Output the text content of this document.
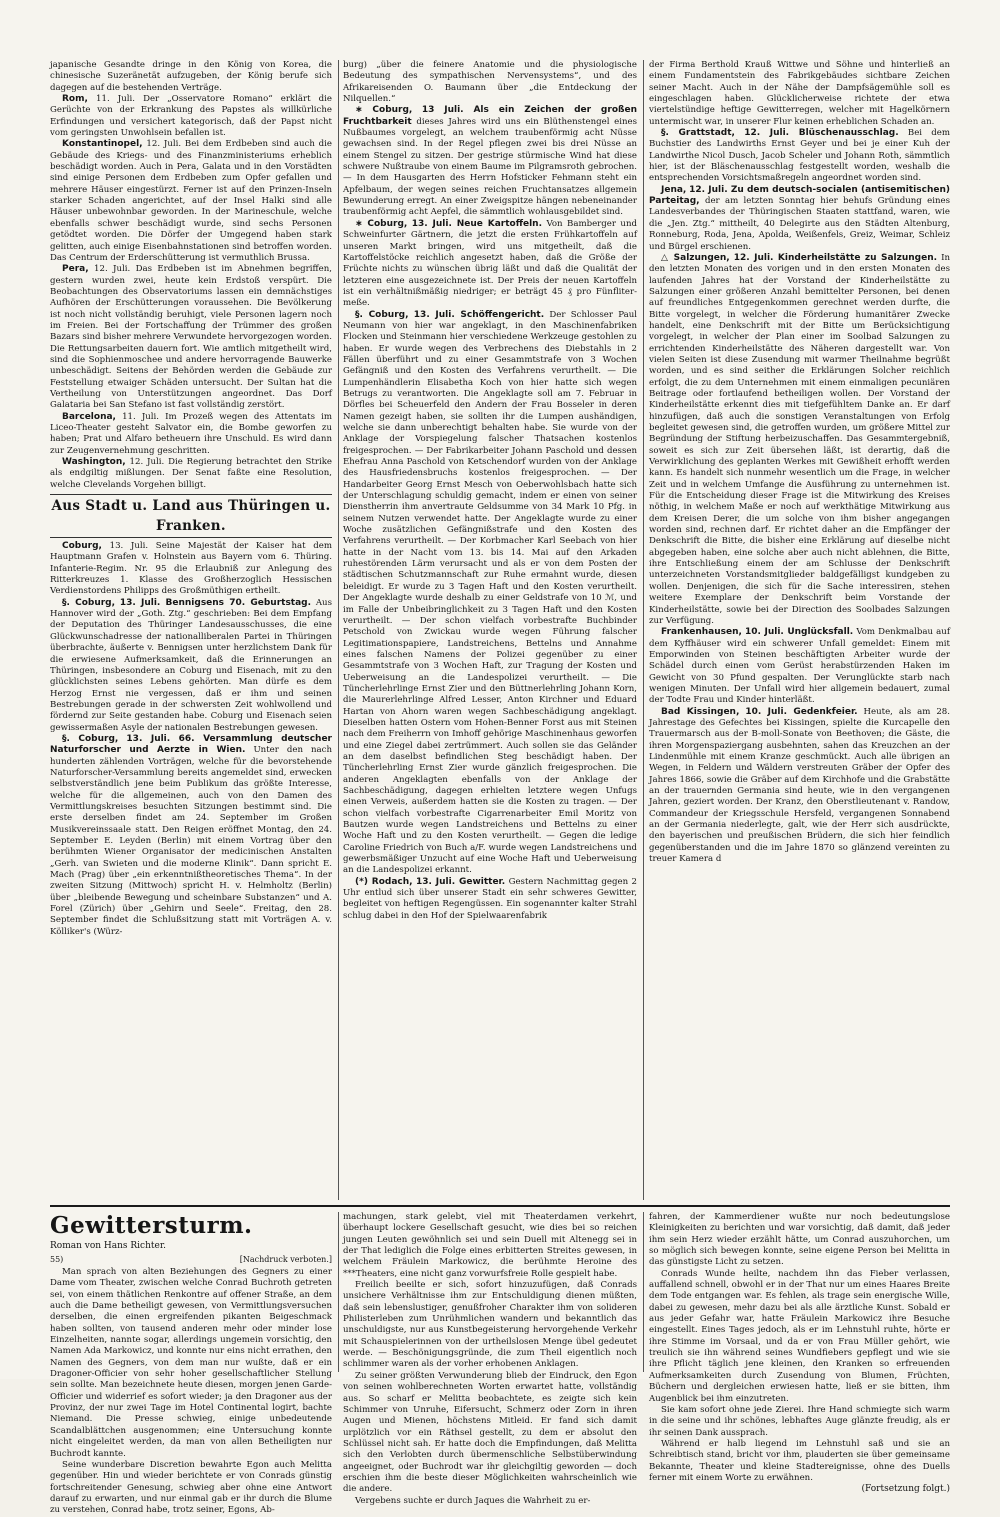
japanische Gesandte dringe in den König von Korea, die chinesische Suzeränetät aufzugeben, der König berufe sich dagegen auf die bestehenden Verträge.

Rom, 11. Juli. Der „Osservatore Romano“ erklärt die Gerüchte von der Erkrankung des Papstes als willkürliche Erfindungen und versichert kategorisch, daß der Papst nicht vom geringsten Unwohlsein befallen ist.

Konstantinopel, 12. Juli. Bei dem Erdbeben sind auch die Gebäude des Kriegs- und des Finanzministeriums erheblich beschädigt worden. Auch in Pera, Galata und in den Vorstädten sind einige Personen dem Erdbeben zum Opfer gefallen und mehrere Häuser eingestürzt. Ferner ist auf den Prinzen-Inseln starker Schaden angerichtet, auf der Insel Halki sind alle Häuser unbewohnbar geworden. In der Marineschule, welche ebenfalls schwer beschädigt wurde, sind sechs Personen getödtet worden. Die Dörfer der Umgegend haben stark gelitten, auch einige Eisenbahnstationen sind betroffen worden. Das Centrum der Erderschütterung ist vermuthlich Brussa.

Pera, 12. Juli. Das Erdbeben ist im Abnehmen begriffen, gestern wurden zwei, heute kein Erdstoß verspürt. Die Beobachtungen des Observatoriums lassen ein demnächstiges Aufhören der Erschütterungen voraussehen. Die Bevölkerung ist noch nicht vollständig beruhigt, viele Personen lagern noch im Freien. Bei der Fortschaffung der Trümmer des großen Bazars sind bisher mehrere Verwundete hervorgezogen worden. Die Rettungsarbeiten dauern fort. Wie amtlich mitgetheilt wird, sind die Sophienmoschee und andere hervorragende Bauwerke unbeschädigt. Seitens der Behörden werden die Gebäude zur Feststellung etwaiger Schäden untersucht. Der Sultan hat die Vertheilung von Unterstützungen angeordnet. Das Dorf Galataria bei San Stefano ist fast vollständig zerstört.

Barcelona, 11. Juli. Im Prozeß wegen des Attentats im Liceo-Theater gesteht Salvator ein, die Bombe geworfen zu haben; Prat und Alfaro betheuern ihre Unschuld. Es wird dann zur Zeugenvernehmung geschritten.

Washington, 12. Juli. Die Regierung betrachtet den Strike als endgiltig mißlungen. Der Senat faßte eine Resolution, welche Clevelands Vorgehen billigt.

Aus Stadt u. Land aus Thüringen u. Franken.

Coburg, 13. Juli. Seine Majestät der Kaiser hat dem Hauptmann Grafen v. Holnstein aus Bayern vom 6. Thüring. Infanterie-Regim. Nr. 95 die Erlaubniß zur Anlegung des Ritterkreuzes 1. Klasse des Großherzoglich Hessischen Verdienstordens Philipps des Großmüthigen ertheilt.

§. Coburg, 13. Juli. Bennigsens 70. Geburtstag. Aus Hannover wird der „Goth. Ztg.“ geschrieben: Bei dem Empfang der Deputation des Thüringer Landesausschusses, die eine Glückwunschadresse der nationalliberalen Partei in Thüringen überbrachte, äußerte v. Bennigsen unter herzlichstem Dank für die erwiesene Aufmerksamkeit, daß die Erinnerungen an Thüringen, insbesondere an Coburg und Eisenach, mit zu den glücklichsten seines Lebens gehörten. Man dürfe es dem Herzog Ernst nie vergessen, daß er ihm und seinen Bestrebungen gerade in der schwersten Zeit wohlwollend und fördernd zur Seite gestanden habe. Coburg und Eisenach seien gewissermaßen Asyle der nationalen Bestrebungen gewesen.

§. Coburg, 13. Juli. 66. Versammlung deutscher Naturforscher und Aerzte in Wien. Unter den nach hunderten zählenden Vorträgen, welche für die bevorstehende Naturforscher-Versammlung bereits angemeldet sind, erwecken selbstverständlich jene beim Publikum das größte Interesse, welche für die allgemeinen, auch von den Damen des Vermittlungskreises besuchten Sitzungen bestimmt sind. Die erste derselben findet am 24. September im Großen Musikvereinssaale statt. Den Reigen eröffnet Montag, den 24. September E. Leyden (Berlin) mit einem Vortrag über den berühmten Wiener Organisator der medicinischen Anstalten „Gerh. van Swieten und die moderne Klinik“. Dann spricht E. Mach (Prag) über „ein erkenntnißtheoretisches Thema“. In der zweiten Sitzung (Mittwoch) spricht H. v. Helmholtz (Berlin) über „bleibende Bewegung und scheinbare Substanzen“ und A. Forel (Zürich) über „Gehirn und Seele“. Freitag, den 28. September findet die Schlußsitzung statt mit Vorträgen A. v. Kölliker's (Würz-

burg) „über die feinere Anatomie und die physiologische Bedeutung des sympathischen Nervensystems“, und des Afrikareisenden O. Baumann über „die Entdeckung der Nilquellen.“

∗ Coburg, 13 Juli. Als ein Zeichen der großen Fruchtbarkeit dieses Jahres wird uns ein Blüthenstengel eines Nußbaumes vorgelegt, an welchem traubenförmig acht Nüsse gewachsen sind. In der Regel pflegen zwei bis drei Nüsse an einem Stengel zu sitzen. Der gestrige stürmische Wind hat diese schwere Nußtraube von einem Baume im Pilgramsroth gebrochen. — In dem Hausgarten des Herrn Hofsticker Fehmann steht ein Apfelbaum, der wegen seines reichen Fruchtansatzes allgemein Bewunderung erregt. An einer Zweigspitze hängen nebeneinander traubenförmig acht Aepfel, die sämmtlich wohlausgebildet sind.

∗ Coburg, 13. Juli. Neue Kartoffeln. Von Bamberger und Schweinfurter Gärtnern, die jetzt die ersten Frühkartoffeln auf unseren Markt bringen, wird uns mitgetheilt, daß die Kartoffelstöcke reichlich angesetzt haben, daß die Größe der Früchte nichts zu wünschen übrig läßt und daß die Qualität der letzteren eine ausgezeichnete ist. Der Preis der neuen Kartoffeln ist ein verhältnißmäßig niedriger; er beträgt 45 ₰ pro Fünflitermeße.

§. Coburg, 13. Juli. Schöffengericht. Der Schlosser Paul Neumann von hier war angeklagt, in den Maschinenfabriken Flocken und Steinmann hier verschiedene Werkzeuge gestohlen zu haben. Er wurde wegen des Verbrechens des Diebstahls in 2 Fällen überführt und zu einer Gesammtstrafe von 3 Wochen Gefängniß und den Kosten des Verfahrens verurtheilt. — Die Lumpenhändlerin Elisabetha Koch von hier hatte sich wegen Betrugs zu verantworten. Die Angeklagte soll am 7. Februar in Dörfles bei Scheuerfeld den Andern der Frau Bosseler in deren Namen gezeigt haben, sie sollten ihr die Lumpen aushändigen, welche sie dann unberechtigt behalten habe. Sie wurde von der Anklage der Vorspiegelung falscher Thatsachen kostenlos freigesprochen. — Der Fabrikarbeiter Johann Paschold und dessen Ehefrau Anna Paschold von Ketschendorf wurden von der Anklage des Hausfriedensbruchs kostenlos freigesprochen. — Der Handarbeiter Georg Ernst Mesch von Oeberwohlsbach hatte sich der Unterschlagung schuldig gemacht, indem er einen von seiner Dienstherrin ihm anvertraute Geldsumme von 34 Mark 10 Pfg. in seinem Nutzen verwendet hatte. Der Angeklagte wurde zu einer Woche zusätzlichen Gefängnißstrafe und den Kosten des Verfahrens verurtheilt. — Der Korbmacher Karl Seebach von hier hatte in der Nacht vom 13. bis 14. Mai auf den Arkaden ruhestörenden Lärm verursacht und als er von dem Posten der städtischen Schutzmannschaft zur Ruhe ermahnt wurde, diesen beleidigt. Er wurde zu 3 Tagen Haft und den Kosten verurtheilt. Der Angeklagte wurde deshalb zu einer Geldstrafe von 10 ℳ, und im Falle der Unbeibringlichkeit zu 3 Tagen Haft und den Kosten verurtheilt. — Der schon vielfach vorbestrafte Buchbinder Petschold von Zwickau wurde wegen Führung falscher Legitimationspapiere, Landstreichens, Bettelns und Annahme eines falschen Namens der Polizei gegenüber zu einer Gesammtstrafe von 3 Wochen Haft, zur Tragung der Kosten und Ueberweisung an die Landespolizei verurtheilt. — Die Tüncherlehrlinge Ernst Zier und den Büttnerlehrling Johann Korn, die Maurerlehrlinge Alfred Lesser, Anton Kirchner und Eduard Hartan von Ahorn waren wegen Sachbeschädigung angeklagt. Dieselben hatten Ostern vom Hohen-Benner Forst aus mit Steinen nach dem Freiherrn von Imhoff gehörige Maschinenhaus geworfen und eine Ziegel dabei zertrümmert. Auch sollen sie das Geländer an dem daselbst befindlichen Steg beschädigt haben. Der Tüncherlehrling Ernst Zier wurde gänzlich freigesprochen. Die anderen Angeklagten ebenfalls von der Anklage der Sachbeschädigung, dagegen erhielten letztere wegen Unfugs einen Verweis, außerdem hatten sie die Kosten zu tragen. — Der schon vielfach vorbestrafte Cigarrenarbeiter Emil Moritz von Bautzen wurde wegen Landstreichens und Bettelns zu einer Woche Haft und zu den Kosten verurtheilt. — Gegen die ledige Caroline Friedrich von Buch a/F. wurde wegen Landstreichens und gewerbsmäßiger Unzucht auf eine Woche Haft und Ueberweisung an die Landespolizei erkannt.

(*) Rodach, 13. Juli. Gewitter. Gestern Nachmittag gegen 2 Uhr entlud sich über unserer Stadt ein sehr schweres Gewitter, begleitet von heftigen Regengüssen. Ein sogenannter kalter Strahl schlug dabei in den Hof der Spielwaarenfabrik

der Firma Berthold Krauß Wittwe und Söhne und hinterließ an einem Fundamentstein des Fabrikgebäudes sichtbare Zeichen seiner Macht. Auch in der Nähe der Dampfsägemühle soll es eingeschlagen haben. Glücklicherweise richtete der etwa viertelstündige heftige Gewitterregen, welcher mit Hagelkörnern untermischt war, in unserer Flur keinen erheblichen Schaden an.

§. Grattstadt, 12. Juli. Blüschenausschlag. Bei dem Buchstier des Landwirths Ernst Geyer und bei je einer Kuh der Landwirthe Nicol Dusch, Jacob Scheler und Johann Roth, sämmtlich hier, ist der Bläschenausschlag festgestellt worden, weshalb die entsprechenden Vorsichtsmaßregeln angeordnet worden sind.

Jena, 12. Juli. Zu dem deutsch-socialen (antisemitischen) Parteitag, der am letzten Sonntag hier behufs Gründung eines Landesverbandes der Thüringischen Staaten stattfand, waren, wie die „Jen. Ztg.“ mittheilt, 40 Delegirte aus den Städten Altenburg, Ronneburg, Roda, Jena, Apolda, Weißenfels, Greiz, Weimar, Schleiz und Bürgel erschienen.

△ Salzungen, 12. Juli. Kinderheilstätte zu Salzungen. In den letzten Monaten des vorigen und in den ersten Monaten des laufenden Jahres hat der Vorstand der Kinderheilstätte zu Salzungen einer größeren Anzahl bemittelter Personen, bei denen auf freundliches Entgegenkommen gerechnet werden durfte, die Bitte vorgelegt, in welcher die Förderung humanitärer Zwecke handelt, eine Denkschrift mit der Bitte um Berücksichtigung vorgelegt, in welcher der Plan einer im Soolbad Salzungen zu errichtenden Kinderheilstätte des Näheren dargestellt war. Von vielen Seiten ist diese Zusendung mit warmer Theilnahme begrüßt worden, und es sind seither die Erklärungen Solcher reichlich erfolgt, die zu dem Unternehmen mit einem einmaligen pecuniären Beitrage oder fortlaufend betheiligen wollen. Der Vorstand der Kinderheilstätte erkennt dies mit tiefgefühltem Danke an. Er darf hinzufügen, daß auch die sonstigen Veranstaltungen von Erfolg begleitet gewesen sind, die getroffen wurden, um größere Mittel zur Begründung der Stiftung herbeizuschaffen. Das Gesammtergebniß, soweit es sich zur Zeit übersehen läßt, ist derartig, daß die Verwirklichung des geplanten Werkes mit Gewißheit erhofft werden kann. Es handelt sich nunmehr wesentlich um die Frage, in welcher Zeit und in welchem Umfange die Ausführung zu unternehmen ist. Für die Entscheidung dieser Frage ist die Mitwirkung des Kreises nöthig, in welchem Maße er noch auf werkthätige Mitwirkung aus dem Kreisen Derer, die um solche von ihm bisher angegangen worden sind, rechnen darf. Er richtet daher an die Empfänger der Denkschrift die Bitte, die bisher eine Erklärung auf dieselbe nicht abgegeben haben, eine solche aber auch nicht ablehnen, die Bitte, ihre Entschließung einem der am Schlusse der Denkschrift unterzeichneten Vorstandsmitglieder baldgefälligst kundgeben zu wollen. Denjenigen, die sich für die Sache interessiren, stehen weitere Exemplare der Denkschrift beim Vorstande der Kinderheilstätte, sowie bei der Direction des Soolbades Salzungen zur Verfügung.

Frankenhausen, 10. Juli. Unglücksfall. Vom Denkmalbau auf dem Kyffhäuser wird ein schwerer Unfall gemeldet: Einem mit Emporwinden von Steinen beschäftigten Arbeiter wurde der Schädel durch einen vom Gerüst herabstürzenden Haken im Gewicht von 30 Pfund gespalten. Der Verunglückte starb nach wenigen Minuten. Der Unfall wird hier allgemein bedauert, zumal der Todte Frau und Kinder hinterläßt.

Bad Kissingen, 10. Juli. Gedenkfeier. Heute, als am 28. Jahrestage des Gefechtes bei Kissingen, spielte die Kurcapelle den Trauermarsch aus der B-moll-Sonate von Beethoven; die Gäste, die ihren Morgenspaziergang ausbehnten, sahen das Kreuzchen an der Lindenmühle mit einem Kranze geschmückt. Auch alle übrigen an Wegen, in Feldern und Wäldern verstreuten Gräber der Opfer des Jahres 1866, sowie die Gräber auf dem Kirchhofe und die Grabstätte an der trauernden Germania sind heute, wie in den vergangenen Jahren, geziert worden. Der Kranz, den Oberstlieutenant v. Randow, Commandeur der Kriegsschule Hersfeld, vergangenen Sonnabend an der Germania niederlegte, galt, wie der Herr sich ausdrückte, den bayerischen und preußischen Brüdern, die sich hier feindlich gegenüberstanden und die im Jahre 1870 so glänzend vereinten zu treuer Kamera d

Gewittersturm.
Roman von Hans Richter.
55)	[Nachdruck verboten.]

Man sprach von alten Beziehungen des Gegners zu einer Dame vom Theater, zwischen welche Conrad Buchroth getreten sei, von einem thätlichen Renkontre auf offener Straße, an dem auch die Dame betheiligt gewesen, von Vermittlungsversuchen derselben, die einen ergreifenden pikanten Beigeschmack haben sollten, von tausend anderen mehr oder minder lose Einzelheiten, nannte sogar, allerdings ungemein vorsichtig, den Namen Ada Markowicz, und konnte nur eins nicht errathen, den Namen des Gegners, von dem man nur wußte, daß er ein Dragoner-Officier von sehr hoher gesellschaftlicher Stellung sein sollte. Man bezeichnete heute diesen, morgen jenen Garde-Officier und widerrief es sofort wieder; ja den Dragoner aus der Provinz, der nur zwei Tage im Hotel Continental logirt, bachte Niemand. Die Presse schwieg, einige unbedeutende Scandalblättchen ausgenommen; eine Untersuchung konnte nicht eingeleitet werden, da man von allen Betheiligten nur Buchrodt kannte.

Seine wunderbare Discretion bewahrte Egon auch Melitta gegenüber. Hin und wieder berichtete er von Conrads günstig fortschreitender Genesung, schwieg aber ohne eine Antwort darauf zu erwarten, und nur einmal gab er ihr durch die Blume zu verstehen, Conrad habe, trotz seiner, Egons, Ab-

machungen, stark gelebt, viel mit Theaterdamen verkehrt, überhaupt lockere Gesellschaft gesucht, wie dies bei so reichen jungen Leuten gewöhnlich sei und sein Duell mit Altenegg sei in der That lediglich die Folge eines erbitterten Streites gewesen, in welchem Fräulein Markowicz, die berühmte Heroine des ***Theaters, eine nicht ganz vorwurfsfreie Rolle gespielt habe.

Freilich beeilte er sich, sofort hinzuzufügen, daß Conrads unsichere Verhältnisse ihm zur Entschuldigung dienen müßten, daß sein lebenslustiger, genußfroher Charakter ihm von solideren Philisterleben zum Unrühmlichen wandern und bekanntlich das unschuldigste, nur aus Kunstbegeisterung hervorgehende Verkehr mit Schauspielerinnen von der urtheilslosen Menge übel gedeutet werde. — Beschönigungsgründe, die zum Theil eigentlich noch schlimmer waren als der vorher erhobenen Anklagen.

Zu seiner größten Verwunderung blieb der Eindruck, den Egon von seinen wohlberechneten Worten erwartet hatte, vollständig aus. So scharf er Melitta beobachtete, es zeigte sich kein Schimmer von Unruhe, Eifersucht, Schmerz oder Zorn in ihren Augen und Mienen, höchstens Mitleid. Er fand sich damit urplötzlich vor ein Räthsel gestellt, zu dem er absolut den Schlüssel nicht sah. Er hatte doch die Empfindungen, daß Melitta sich den Verlobten durch übermenschliche Selbstüberwindung angeeignet, oder Buchrodt war ihr gleichgiltig geworden — doch erschien ihm die beste dieser Möglichkeiten wahrscheinlich wie die andere.

Vergebens suchte er durch Jaques die Wahrheit zu er-

fahren, der Kammerdiener wußte nur noch bedeutungslose Kleinigkeiten zu berichten und war vorsichtig, daß damit, daß jeder ihm sein Herz wieder erzählt hätte, um Conrad auszuhorchen, um so möglich sich bewegen konnte, seine eigene Person bei Melitta in das günstigste Licht zu setzen.

Conrads Wunde heilte, nachdem ihn das Fieber verlassen, auffallend schnell, obwohl er in der That nur um eines Haares Breite dem Tode entgangen war. Es fehlen, als trage sein energische Wille, dabei zu gewesen, mehr dazu bei als alle ärztliche Kunst. Sobald er aus jeder Gefahr war, hatte Fräulein Markowicz ihre Besuche eingestellt. Eines Tages jedoch, als er im Lehnstuhl ruhte, hörte er ihre Stimme im Vorsaal, und da er von Frau Müller gehört, wie treulich sie ihn während seines Wundfiebers gepflegt und wie sie ihre Pflicht täglich jene kleinen, den Kranken so erfreuenden Aufmerksamkeiten durch Zusendung von Blumen, Früchten, Büchern und dergleichen erwiesen hatte, ließ er sie bitten, ihm Augenblick bei ihm einzutreten.

Sie kam sofort ohne jede Zierei. Ihre Hand schmiegte sich warm in die seine und ihr schönes, lebhaftes Auge glänzte freudig, als er ihr seinen Dank aussprach.

Während er halb liegend im Lehnstuhl saß und sie an Schreibtisch stand, bricht vor ihm, plauderten sie über gemeinsame Bekannte, Theater und kleine Stadtereignisse, ohne des Duells ferner mit einem Worte zu erwähnen.

(Fortsetzung folgt.)
